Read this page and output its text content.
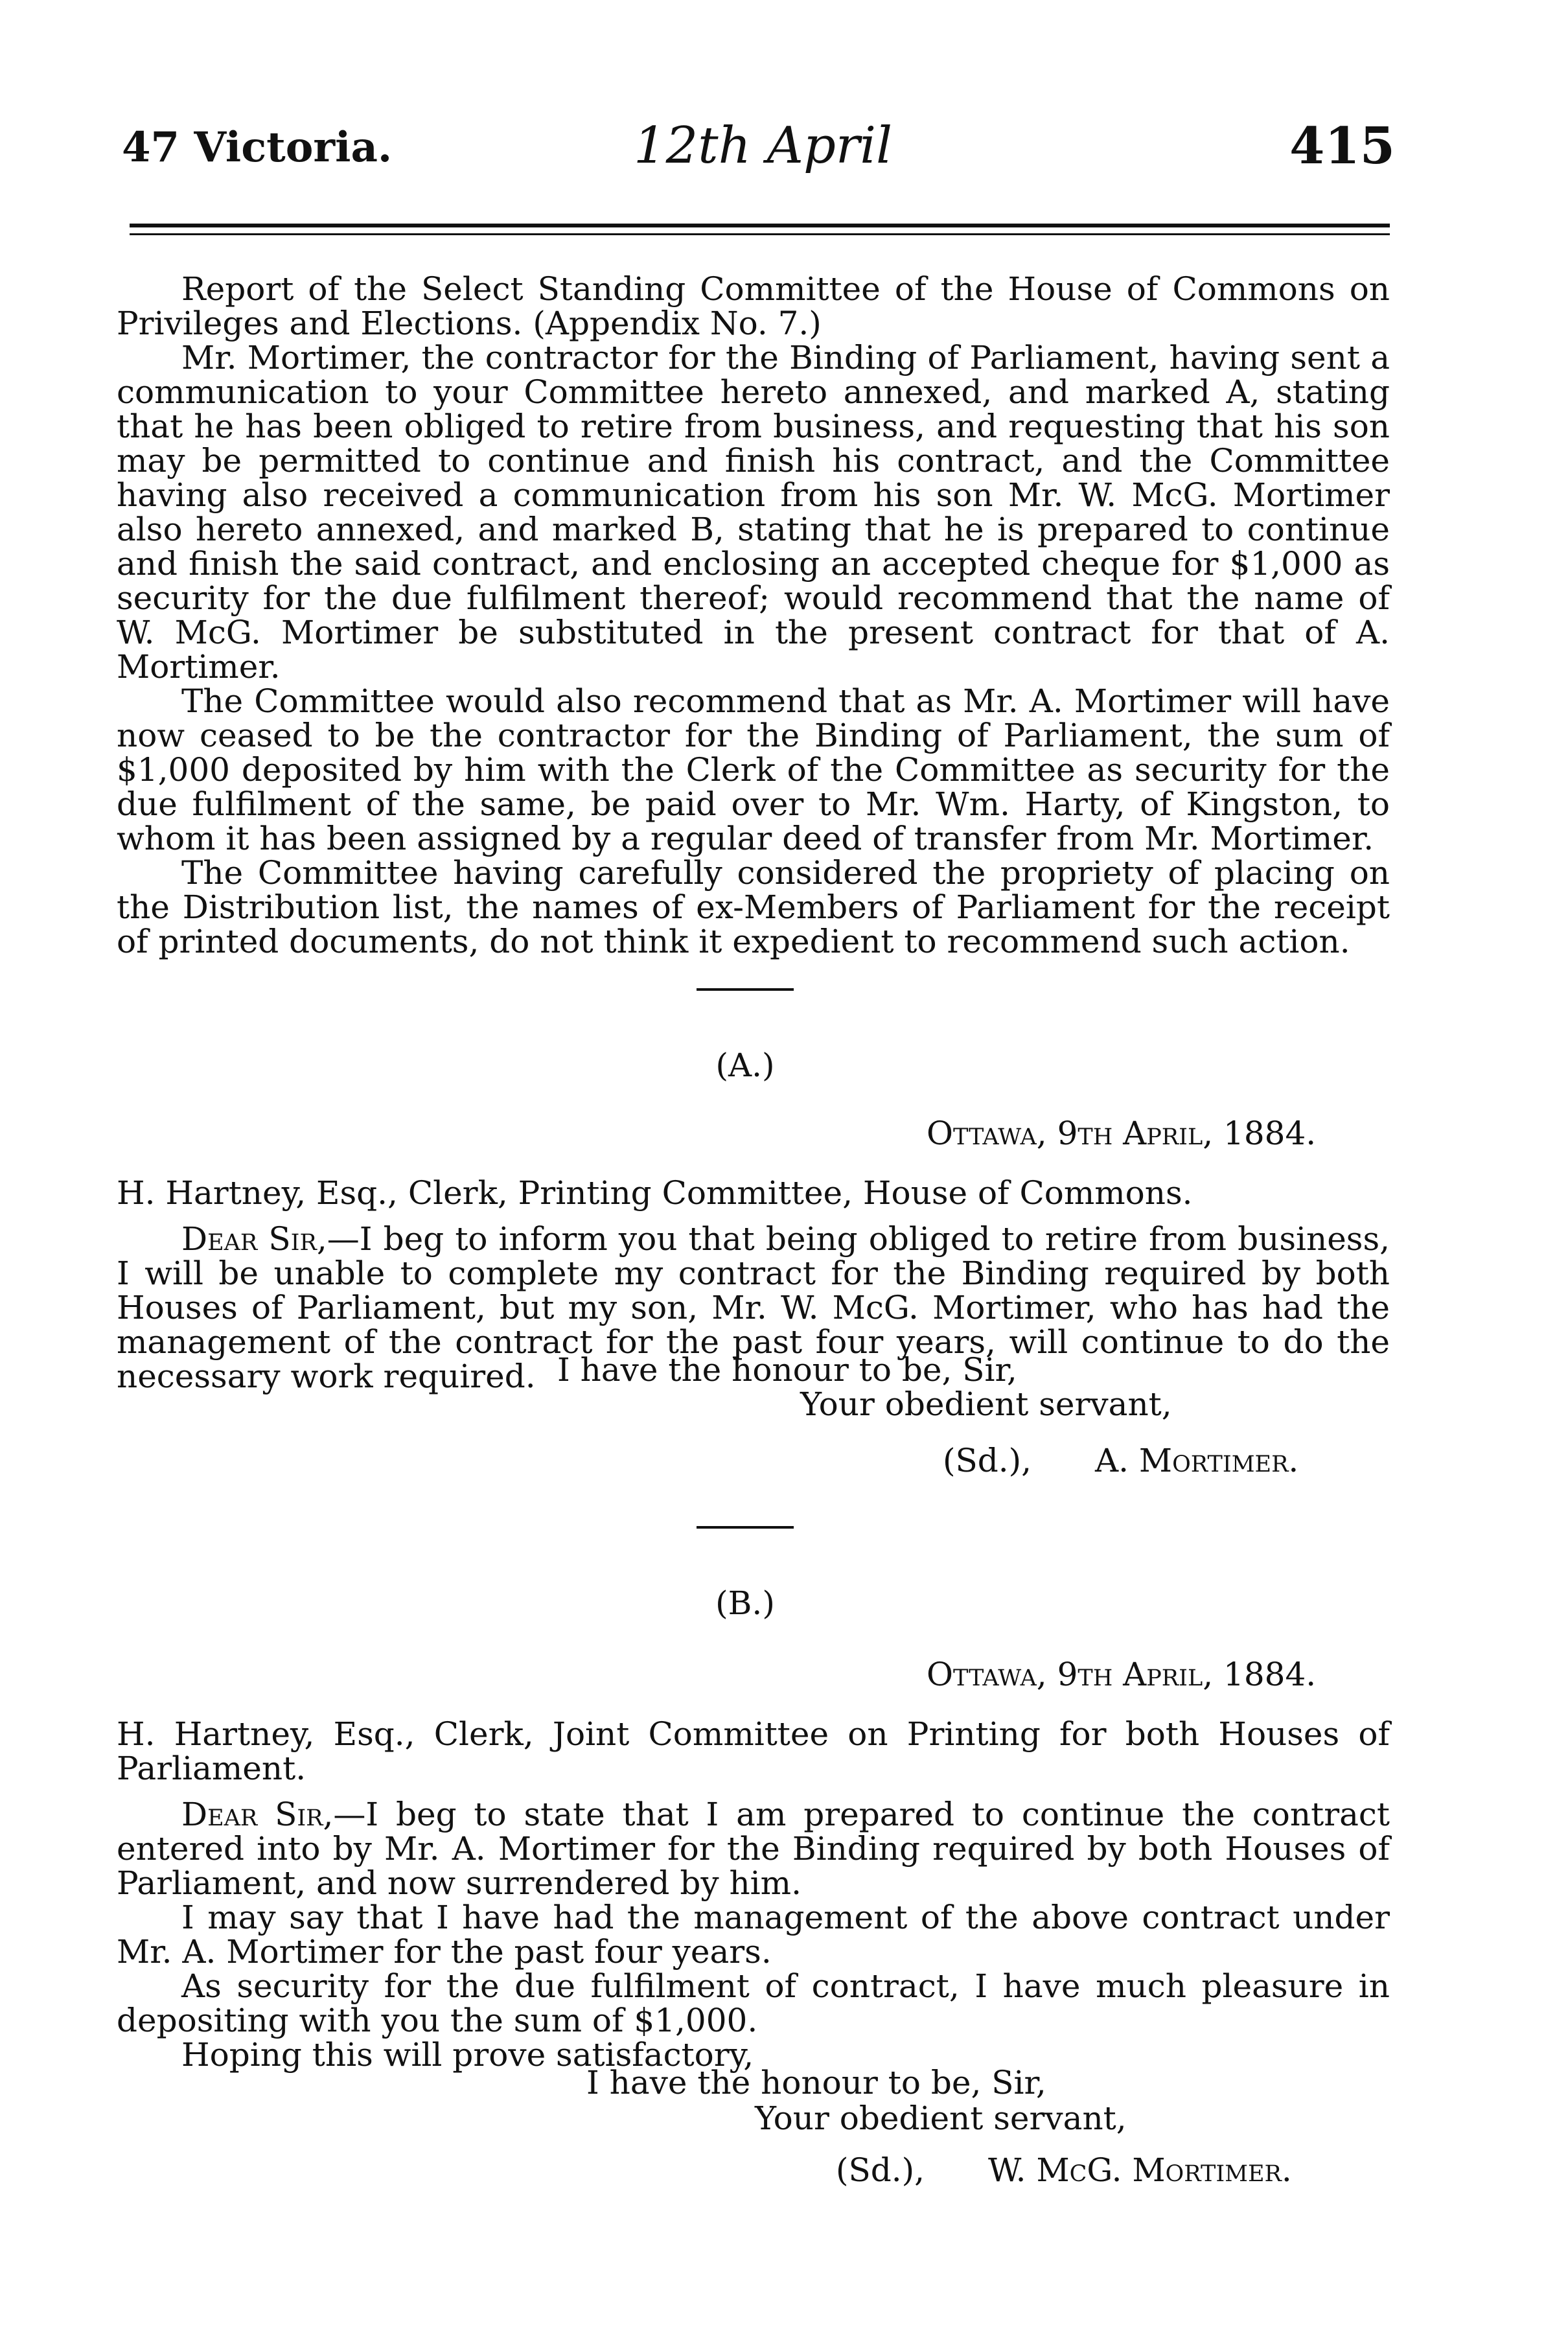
47 Victoria.	12th April	415

Report of the Select Standing Committee of the House of Commons on Privileges and Elections. (Appendix No. 7.)

Mr. Mortimer, the contractor for the Binding of Parliament, having sent a communication to your Committee hereto annexed, and marked A, stating that he has been obliged to retire from business, and requesting that his son may be permitted to continue and finish his contract, and the Committee having also received a communication from his son Mr. W. McG. Mortimer also hereto annexed, and marked B, stating that he is prepared to continue and finish the said contract, and enclosing an accepted cheque for $1,000 as security for the due fulfilment thereof; would recommend that the name of W. McG. Mortimer be substituted in the present contract for that of A. Mortimer.

The Committee would also recommend that as Mr. A. Mortimer will have now ceased to be the contractor for the Binding of Parliament, the sum of $1,000 deposited by him with the Clerk of the Committee as security for the due fulfilment of the same, be paid over to Mr. Wm. Harty, of Kingston, to whom it has been assigned by a regular deed of transfer from Mr. Mortimer.

The Committee having carefully considered the propriety of placing on the Distribution list, the names of ex-Members of Parliament for the receipt of printed documents, do not think it expedient to recommend such action.

(A.)
Ottawa, 9th April, 1884.

H. Hartney, Esq., Clerk, Printing Committee, House of Commons.

Dear Sir,—I beg to inform you that being obliged to retire from business, I will be unable to complete my contract for the Binding required by both Houses of Parliament, but my son, Mr. W. McG. Mortimer, who has had the management of the contract for the past four years, will continue to do the necessary work required. I have the honour to be, Sir,
Your obedient servant,
(Sd.), A. Mortimer.
(B.)
Ottawa, 9th April, 1884.

H. Hartney, Esq., Clerk, Joint Committee on Printing for both Houses of Parliament.

Dear Sir,—I beg to state that I am prepared to continue the contract entered into by Mr. A. Mortimer for the Binding required by both Houses of Parliament, and now surrendered by him.

I may say that I have had the management of the above contract under Mr. A. Mortimer for the past four years.

As security for the due fulfilment of contract, I have much pleasure in depositing with you the sum of $1,000.

Hoping this will prove satisfactory,

I have the honour to be, Sir,
Your obedient servant,
(Sd.), W. McG. Mortimer.
